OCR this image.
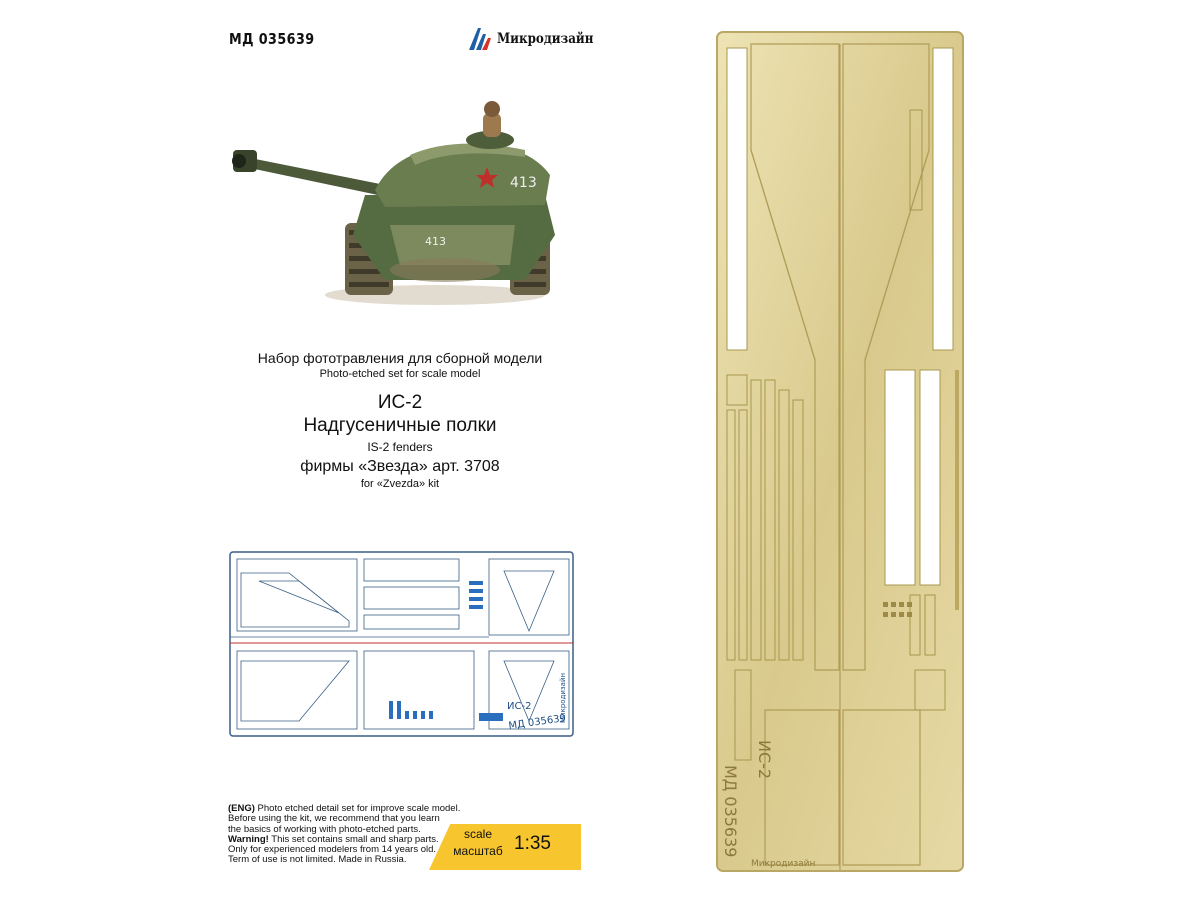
МД 035639	Микродизайн
413
413
Набор фототравления для сборной модели
Photo-etched set for scale model
ИС-2
Надгусеничные полки
IS-2 fenders
фирмы «Звезда» арт. 3708
for «Zvezda» kit
ИС-2
МД 035639
Микродизайн
(ENG) Photo etched detail set for improve scale model.
Before using the kit, we recommend that you learn
the basics of working with photo-etched parts.
Warning! This set contains small and sharp parts.
Only for experienced modelers from 14 years old.
Term of use is not limited. Made in Russia.
scale
масштаб 1:35
ИС-2
МД 035639
Микродизайн
